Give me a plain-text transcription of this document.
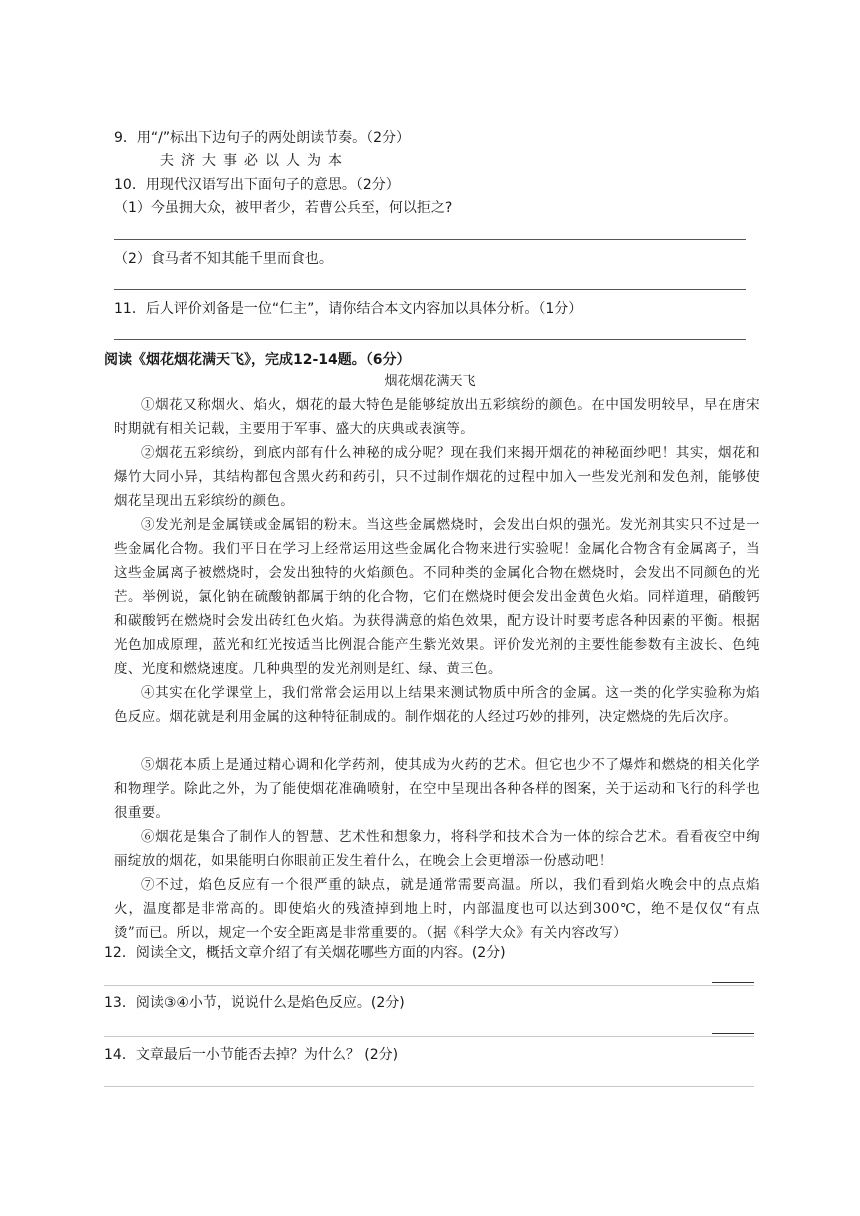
9．用“/”标出下边句子的两处朗读节奏。（2分）
夫济大事必以人为本
10．用现代汉语写出下面句子的意思。（2分）
（1）今虽拥大众，被甲者少，若曹公兵至，何以拒之?
（2）食马者不知其能千里而食也。
11．后人评价刘备是一位“仁主”，请你结合本文内容加以具体分析。（1分）
阅读《烟花烟花满天飞》，完成12-14题。（6分）
烟花烟花满天飞
①烟花又称烟火、焰火，烟花的最大特色是能够绽放出五彩缤纷的颜色。在中国发明较早，早在唐宋时期就有相关记载，主要用于军事、盛大的庆典或表演等。
②烟花五彩缤纷，到底内部有什么神秘的成分呢？现在我们来揭开烟花的神秘面纱吧！其实，烟花和爆竹大同小异，其结构都包含黑火药和药引，只不过制作烟花的过程中加入一些发光剂和发色剂，能够使烟花呈现出五彩缤纷的颜色。
③发光剂是金属镁或金属铝的粉末。当这些金属燃烧时，会发出白炽的强光。发光剂其实只不过是一些金属化合物。我们平日在学习上经常运用这些金属化合物来进行实验呢！金属化合物含有金属离子，当这些金属离子被燃烧时，会发出独特的火焰颜色。不同种类的金属化合物在燃烧时，会发出不同颜色的光芒。举例说，氯化钠在硫酸钠都属于纳的化合物，它们在燃烧时便会发出金黄色火焰。同样道理，硝酸钙和碳酸钙在燃烧时会发出砖红色火焰。为获得满意的焰色效果，配方设计时要考虑各种因素的平衡。根据光色加成原理，蓝光和红光按适当比例混合能产生紫光效果。评价发光剂的主要性能参数有主波长、色纯度、光度和燃烧速度。几种典型的发光剂则是红、绿、黄三色。
④其实在化学课堂上，我们常常会运用以上结果来测试物质中所含的金属。这一类的化学实验称为焰色反应。烟花就是利用金属的这种特征制成的。制作烟花的人经过巧妙的排列，决定燃烧的先后次序。
⑤烟花本质上是通过精心调和化学药剂，使其成为火药的艺术。但它也少不了爆炸和燃烧的相关化学和物理学。除此之外，为了能使烟花准确喷射，在空中呈现出各种各样的图案，关于运动和飞行的科学也很重要。
⑥烟花是集合了制作人的智慧、艺术性和想象力，将科学和技术合为一体的综合艺术。看看夜空中绚丽绽放的烟花，如果能明白你眼前正发生着什么，在晚会上会更增添一份感动吧！
⑦不过，焰色反应有一个很严重的缺点，就是通常需要高温。所以，我们看到焰火晚会中的点点焰火，温度都是非常高的。即使焰火的残渣掉到地上时，内部温度也可以达到300℃，绝不是仅仅“有点烫”而已。所以，规定一个安全距离是非常重要的。（据《科学大众》有关内容改写）
12．阅读全文，概括文章介绍了有关烟花哪些方面的内容。(2分)
13．阅读③④小节，说说什么是焰色反应。(2分)
14．文章最后一小节能否去掉？为什么？ (2分)
